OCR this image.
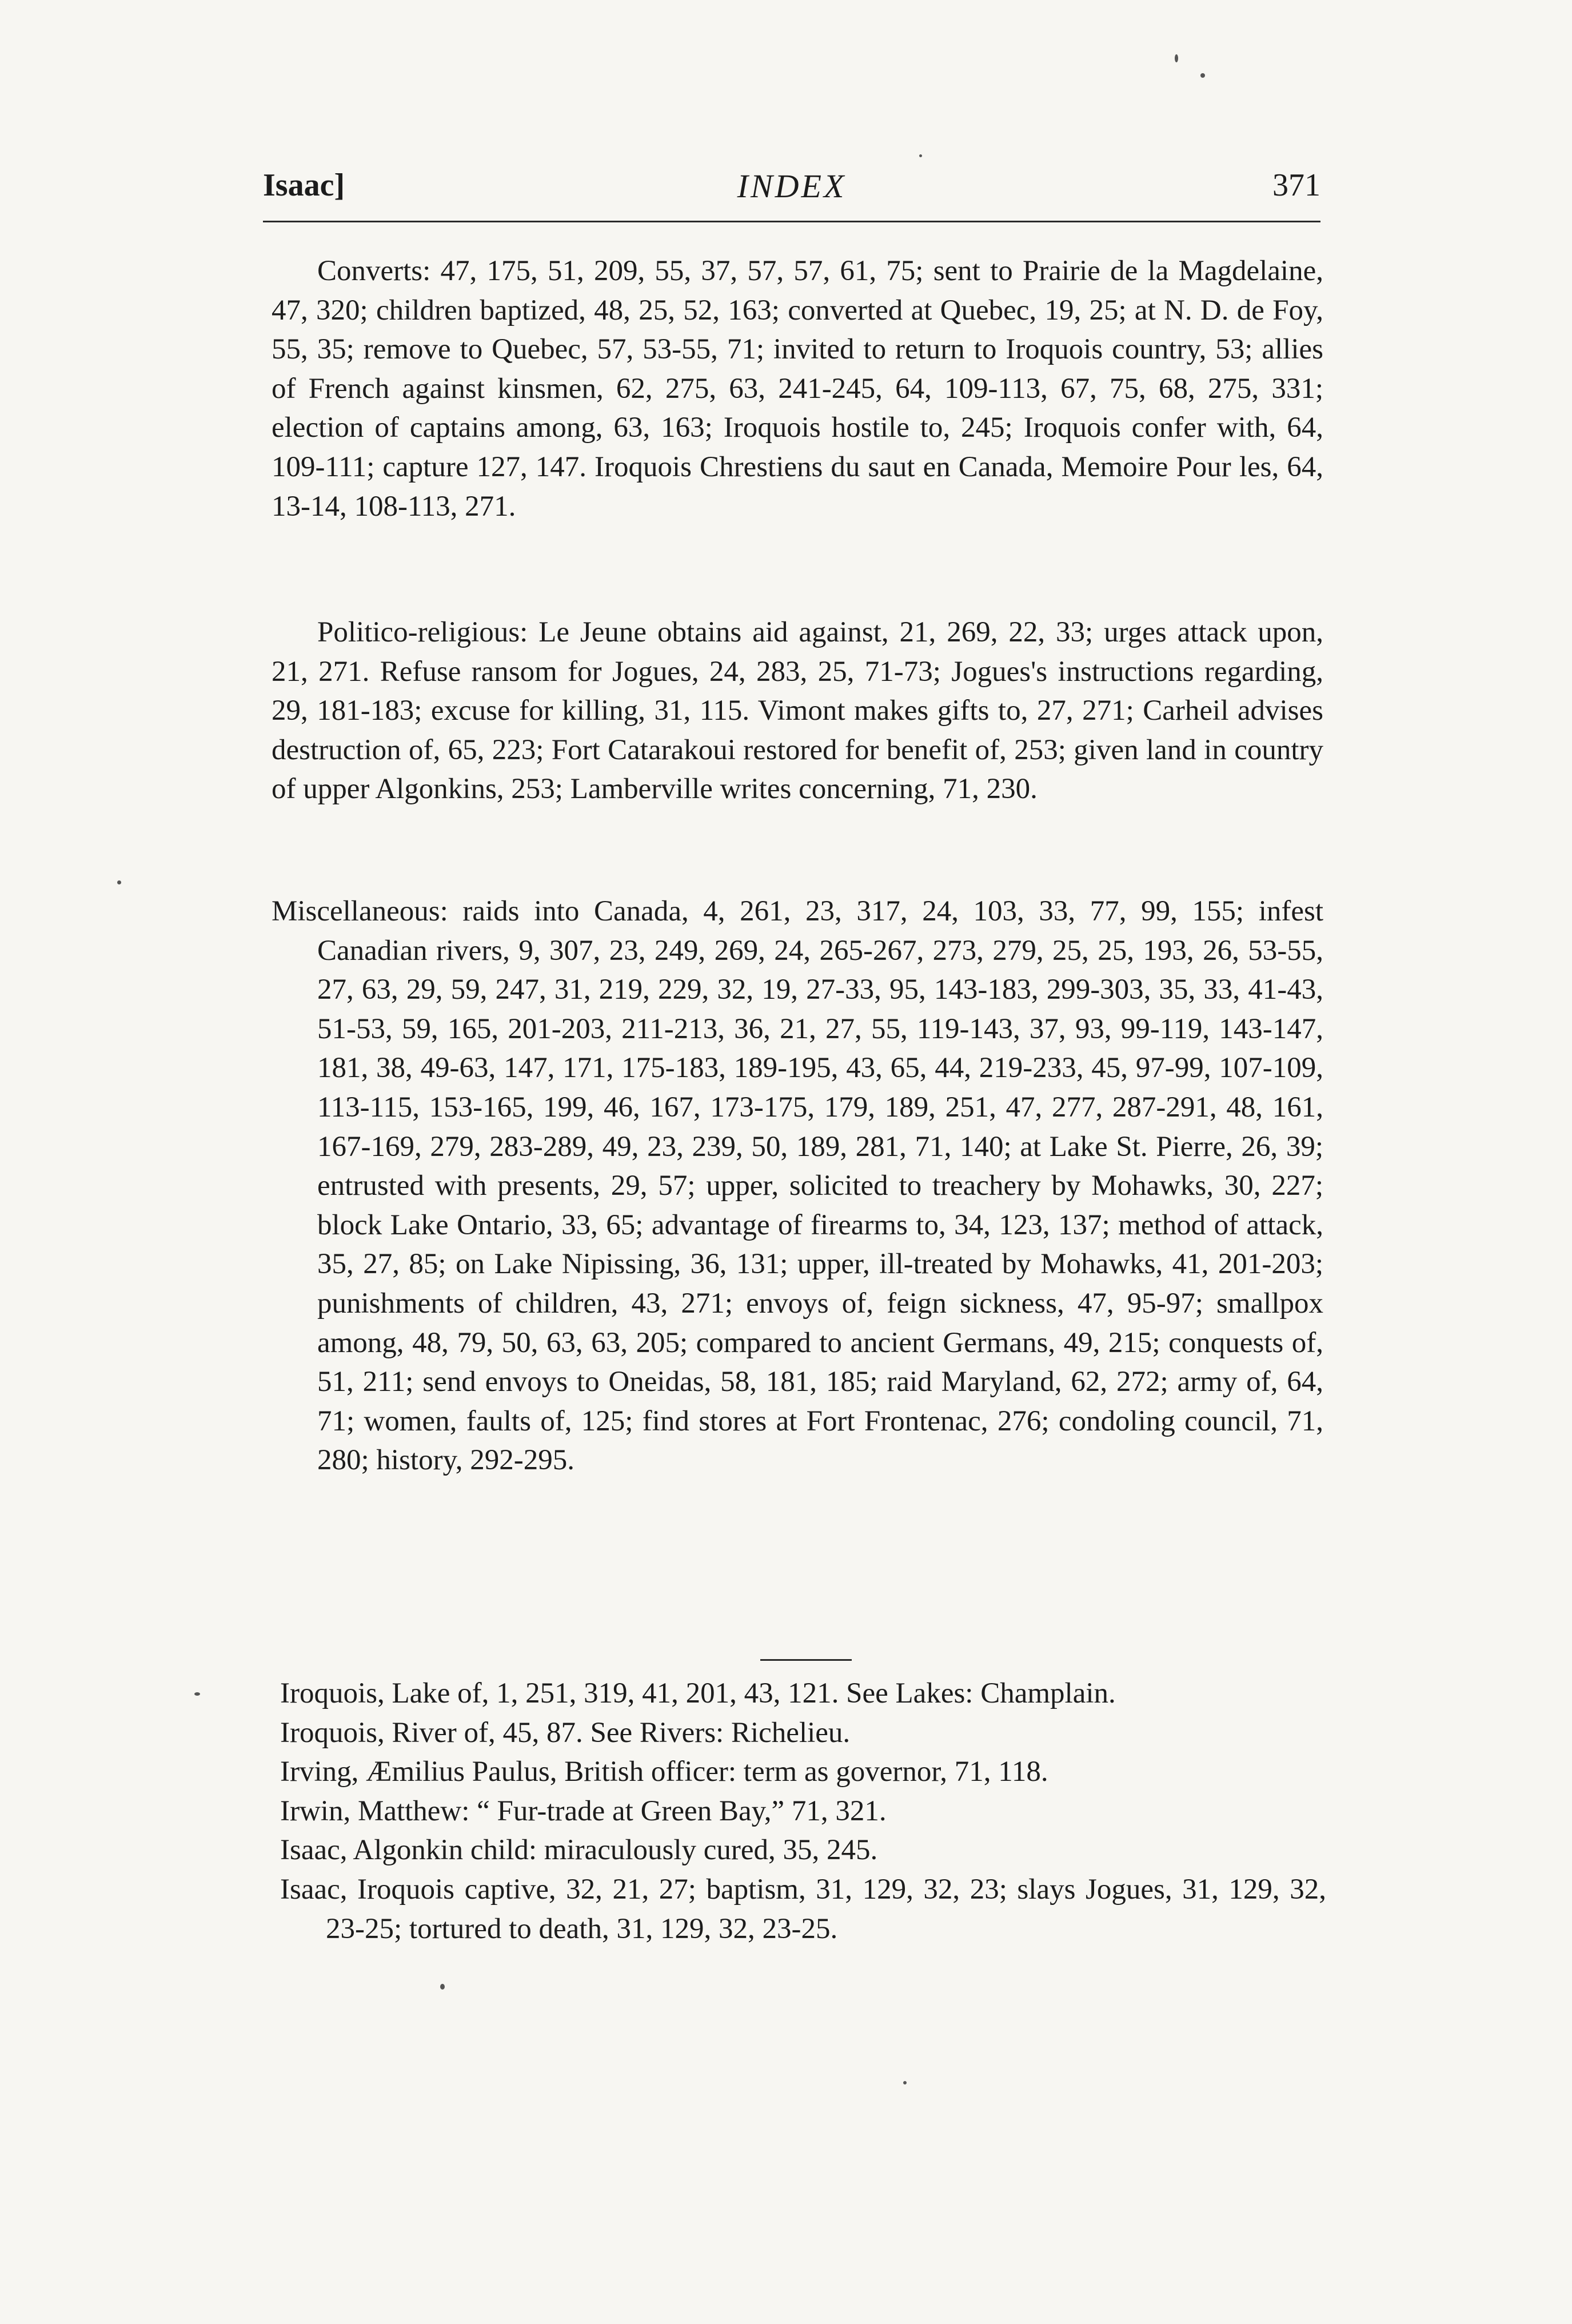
Isaac]	INDEX	371
Converts: 47, 175, 51, 209, 55, 37, 57, 57, 61, 75; sent to Prairie de la Magdelaine, 47, 320; children baptized, 48, 25, 52, 163; converted at Quebec, 19, 25; at N. D. de Foy, 55, 35; remove to Quebec, 57, 53-55, 71; invited to return to Iroquois country, 53; allies of French against kinsmen, 62, 275, 63, 241-245, 64, 109-113, 67, 75, 68, 275, 331; election of captains among, 63, 163; Iroquois hostile to, 245; Iroquois confer with, 64, 109-111; capture 127, 147. Iroquois Chrestiens du saut en Canada, Memoire Pour les, 64, 13-14, 108-113, 271.
Politico-religious: Le Jeune obtains aid against, 21, 269, 22, 33; urges attack upon, 21, 271. Refuse ransom for Jogues, 24, 283, 25, 71-73; Jogues's instructions regarding, 29, 181-183; excuse for killing, 31, 115. Vimont makes gifts to, 27, 271; Carheil advises destruction of, 65, 223; Fort Catarakoui restored for benefit of, 253; given land in country of upper Algonkins, 253; Lamberville writes concerning, 71, 230.
Miscellaneous: raids into Canada, 4, 261, 23, 317, 24, 103, 33, 77, 99, 155; infest Canadian rivers, 9, 307, 23, 249, 269, 24, 265-267, 273, 279, 25, 25, 193, 26, 53-55, 27, 63, 29, 59, 247, 31, 219, 229, 32, 19, 27-33, 95, 143-183, 299-303, 35, 33, 41-43, 51-53, 59, 165, 201-203, 211-213, 36, 21, 27, 55, 119-143, 37, 93, 99-119, 143-147, 181, 38, 49-63, 147, 171, 175-183, 189-195, 43, 65, 44, 219-233, 45, 97-99, 107-109, 113-115, 153-165, 199, 46, 167, 173-175, 179, 189, 251, 47, 277, 287-291, 48, 161, 167-169, 279, 283-289, 49, 23, 239, 50, 189, 281, 71, 140; at Lake St. Pierre, 26, 39; entrusted with presents, 29, 57; upper, solicited to treachery by Mohawks, 30, 227; block Lake Ontario, 33, 65; advantage of firearms to, 34, 123, 137; method of attack, 35, 27, 85; on Lake Nipissing, 36, 131; upper, ill-treated by Mohawks, 41, 201-203; punishments of children, 43, 271; envoys of, feign sickness, 47, 95-97; smallpox among, 48, 79, 50, 63, 63, 205; compared to ancient Germans, 49, 215; conquests of, 51, 211; send envoys to Oneidas, 58, 181, 185; raid Maryland, 62, 272; army of, 64, 71; women, faults of, 125; find stores at Fort Frontenac, 276; condoling council, 71, 280; history, 292-295.
Iroquois, Lake of, 1, 251, 319, 41, 201, 43, 121. See Lakes: Champlain.
Iroquois, River of, 45, 87. See Rivers: Richelieu.
Irving, Æmilius Paulus, British officer: term as governor, 71, 118.
Irwin, Matthew: “ Fur-trade at Green Bay,” 71, 321.
Isaac, Algonkin child: miraculously cured, 35, 245.
Isaac, Iroquois captive, 32, 21, 27; baptism, 31, 129, 32, 23; slays Jogues, 31, 129, 32, 23-25; tortured to death, 31, 129, 32, 23-25.
